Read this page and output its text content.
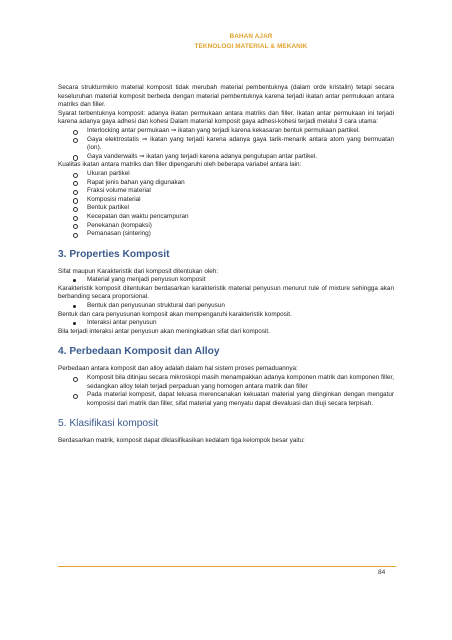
BAHAN AJAR
TEKNOLOGI MATERIAL & MEKANIK
Secara strukturmikro material komposit tidak merubah material pembentuknya (dalam orde kristalin) tetapi secara keseluruhan material komposit berbeda dengan material pembentuknya karena terjadi ikatan antar permukaan antara matriks dan filler.
Syarat terbentuknya komposit: adanya ikatan permukaan antara matriks dan filler. Ikatan antar permukaan ini terjadi karena adanya gaya adhesi dan kohesi Dalam material komposit gaya adhesi-kohesi terjadi melalui 3 cara utama:
Interlocking antar permukaan ⇒ ikatan yang terjadi karena kekasaran bentuk permukaan partikel.
Gaya elektrostatis ⇒ ikatan yang terjadi karena adanya gaya tarik-menarik antara atom yang bermuatan (ion).
Gaya vanderwalls ⇒ ikatan yang terjadi karena adanya pengutupan antar partikel.
Kualitas ikatan antara matriks dan filler dipengaruhi oleh beberapa variabel antara lain:
Ukuran partikel
Rapat jenis bahan yang digunakan
Fraksi volume material
Komposisi material
Bentuk partikel
Kecepatan dan waktu pencampuran
Penekanan (kompaksi)
Pemanasan (sintering)
3. Properties Komposit
Sifat maupun Karakteristik dari komposit ditentukan oleh:
Material yang menjadi penyusun komposit
Karakteristik komposit ditentukan berdasarkan karakteristik material penyusun menurut rule of mixture sehingga akan berbanding secara proporsional.
Bentuk dan penyusunan struktural dari penyusun
Bentuk dan cara penyusunan komposit akan mempengaruhi karakteristik komposit.
Interaksi antar penyusun
Bila terjadi interaksi antar penyusun akan meningkatkan sifat dari komposit.
4. Perbedaan Komposit dan Alloy
Perbedaan antara komposit dan alloy adalah dalam hal sistem proses pemaduannya:
Komposit bila ditinjau secara mikroskopi masih menampakkan adanya komponen matrik dan komponen filler, sedangkan alloy telah terjadi perpaduan yang homogen antara matrik dan filler
Pada material komposit, dapat leluasa merencanakan kekuatan material yang diinginkan dengan mengatur komposisi dari matrik dan filler, sifat material yang menyatu dapat dievaluasi dan diuji secara terpisah.
5. Klasifikasi komposit
Berdasarkan matrik, komposit dapat diklasifikasikan kedalam tiga kelompok besar yaitu:
84
